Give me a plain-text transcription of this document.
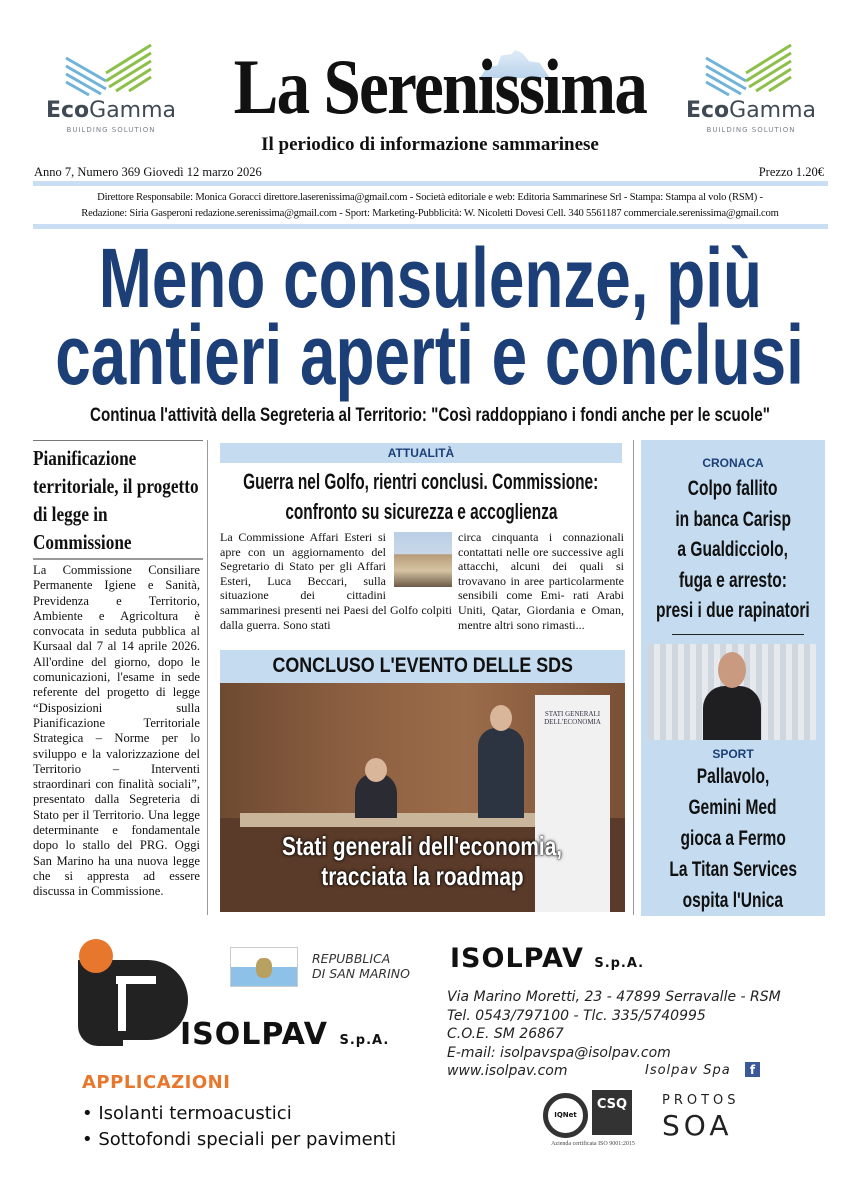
EcoGamma
BUILDING SOLUTION
EcoGamma
BUILDING SOLUTION
La Serenissima
Il periodico di informazione sammarinese
Anno 7, Numero 369 Giovedì 12 marzo 2026	Prezzo 1.20€
Direttore Responsabile: Monica Goracci direttore.laserenissima@gmail.com - Società editoriale e web: Editoria Sammarinese Srl - Stampa: Stampa al volo (RSM) -
Redazione: Siria Gasperoni redazione.serenissima@gmail.com - Sport: Marketing-Pubblicità: W. Nicoletti Dovesi Cell. 340 5561187 commerciale.serenissima@gmail.com
Meno consulenze, più
cantieri aperti e conclusi
Continua l'attività della Segreteria al Territorio: "Così raddoppiano i fondi anche per le scuole"
Pianificazione territoriale, il progetto di legge in Commissione
La Commissione Consiliare Permanente Igiene e Sanità, Previdenza e Territorio, Ambiente e Agricoltura è convocata in seduta pubblica al Kursaal dal 7 al 14 aprile 2026. All'ordine del giorno, dopo le comunicazioni, l'esame in sede referente del progetto di legge “Disposizioni sulla Pianificazione Territoriale Strategica – Norme per lo sviluppo e la valorizzazione del Territorio – Interventi straordinari con finalità sociali”, presentato dalla Segreteria di Stato per il Territorio. Una legge determinante e fondamentale dopo lo stallo del PRG. Oggi San Marino ha una nuova legge che si appresta ad essere discussa in Commissione.
ATTUALITÀ
Guerra nel Golfo, rientri conclusi. Commissione:
confronto su sicurezza e accoglienza
La Commissione Affari Esteri si apre con un aggiornamento del Segretario di Stato per gli Affari Esteri, Luca Beccari, sulla situazione dei cittadini sammarinesi presenti nei Paesi del Golfo colpiti dalla guerra. Sono stati
circa cinquanta i connazionali contattati nelle ore successive agli attacchi, alcuni dei quali si trovavano in aree particolarmente sensibili come Emi- rati Arabi Uniti, Qatar, Giordania e Oman, mentre altri sono rimasti...
CONCLUSO L'EVENTO DELLE SDS
STATI GENERALI DELL'ECONOMIA
Stati generali dell'economia,
tracciata la roadmap
CRONACA
Colpo fallito
in banca Carisp
a Gualdicciolo,
fuga e arresto:
presi i due rapinatori
SPORT
Pallavolo,
Gemini Med
gioca a Fermo
La Titan Services
ospita l'Unica
ISOLPAV S.p.A.
REPUBBLICA
DI SAN MARINO
APPLICAZIONI
• Isolanti termoacustici
• Sottofondi speciali per pavimenti
ISOLPAV S.p.A.
Via Marino Moretti, 23 - 47899 Serravalle - RSM
Tel. 0543/797100 - Tlc. 335/5740995
C.O.E. SM 26867
E-mail: isolpavspa@isolpav.com
www.isolpav.com	Isolpav Spa	f
IQNet
CSQ
Azienda certificata ISO 9001:2015
PROTOS
SOA
